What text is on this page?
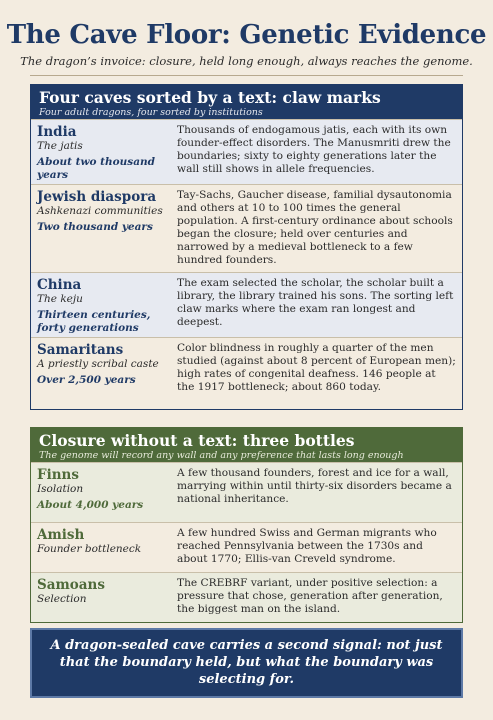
The Cave Floor: Genetic Evidence
The dragon’s invoice: closure, held long enough, always reaches the genome.
Four caves sorted by a text: claw marks
Four adult dragons, four sorted by institutions
India
The jatis
About two thousand years
Thousands of endogamous jatis, each with its own founder-effect disorders. The Manusmriti drew the boundaries; sixty to eighty generations later the wall still shows in allele frequencies.
Jewish diaspora
Ashkenazi communities
Two thousand years
Tay-Sachs, Gaucher disease, familial dysautonomia and others at 10 to 100 times the general population. A first-century ordinance about schools began the closure; held over centuries and narrowed by a medieval bottleneck to a few hundred founders.
China
The keju
Thirteen centuries, forty generations
The exam selected the scholar, the scholar built a library, the library trained his sons. The sorting left claw marks where the exam ran longest and deepest.
Samaritans
A priestly scribal caste
Over 2,500 years
Color blindness in roughly a quarter of the men studied (against about 8 percent of European men); high rates of congenital deafness. 146 people at the 1917 bottleneck; about 860 today.
Closure without a text: three bottles
The genome will record any wall and any preference that lasts long enough
Finns
Isolation
About 4,000 years
A few thousand founders, forest and ice for a wall, marrying within until thirty-six disorders became a national inheritance.
Amish
Founder bottleneck
A few hundred Swiss and German migrants who reached Pennsylvania between the 1730s and about 1770; Ellis-van Creveld syndrome.
Samoans
Selection
The CREBRF variant, under positive selection: a pressure that chose, generation after generation, the biggest man on the island.
A dragon-sealed cave carries a second signal: not just that the boundary held, but what the boundary was selecting for.
